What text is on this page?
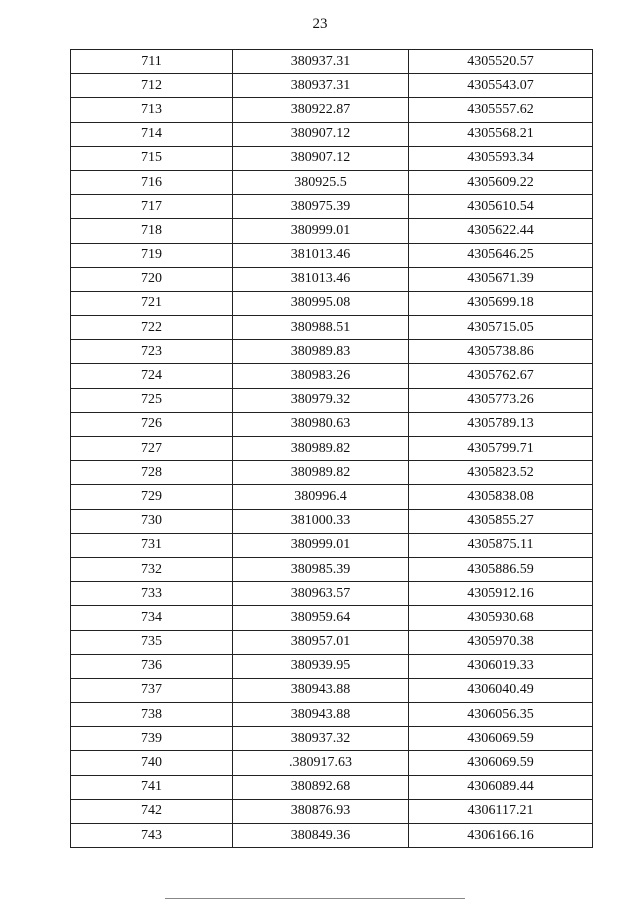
23
711	380937.31	4305520.57
712	380937.31	4305543.07
713	380922.87	4305557.62
714	380907.12	4305568.21
715	380907.12	4305593.34
716	380925.5	4305609.22
717	380975.39	4305610.54
718	380999.01	4305622.44
719	381013.46	4305646.25
720	381013.46	4305671.39
721	380995.08	4305699.18
722	380988.51	4305715.05
723	380989.83	4305738.86
724	380983.26	4305762.67
725	380979.32	4305773.26
726	380980.63	4305789.13
727	380989.82	4305799.71
728	380989.82	4305823.52
729	380996.4	4305838.08
730	381000.33	4305855.27
731	380999.01	4305875.11
732	380985.39	4305886.59
733	380963.57	4305912.16
734	380959.64	4305930.68
735	380957.01	4305970.38
736	380939.95	4306019.33
737	380943.88	4306040.49
738	380943.88	4306056.35
739	380937.32	4306069.59
740	.380917.63	4306069.59
741	380892.68	4306089.44
742	380876.93	4306117.21
743	380849.36	4306166.16
